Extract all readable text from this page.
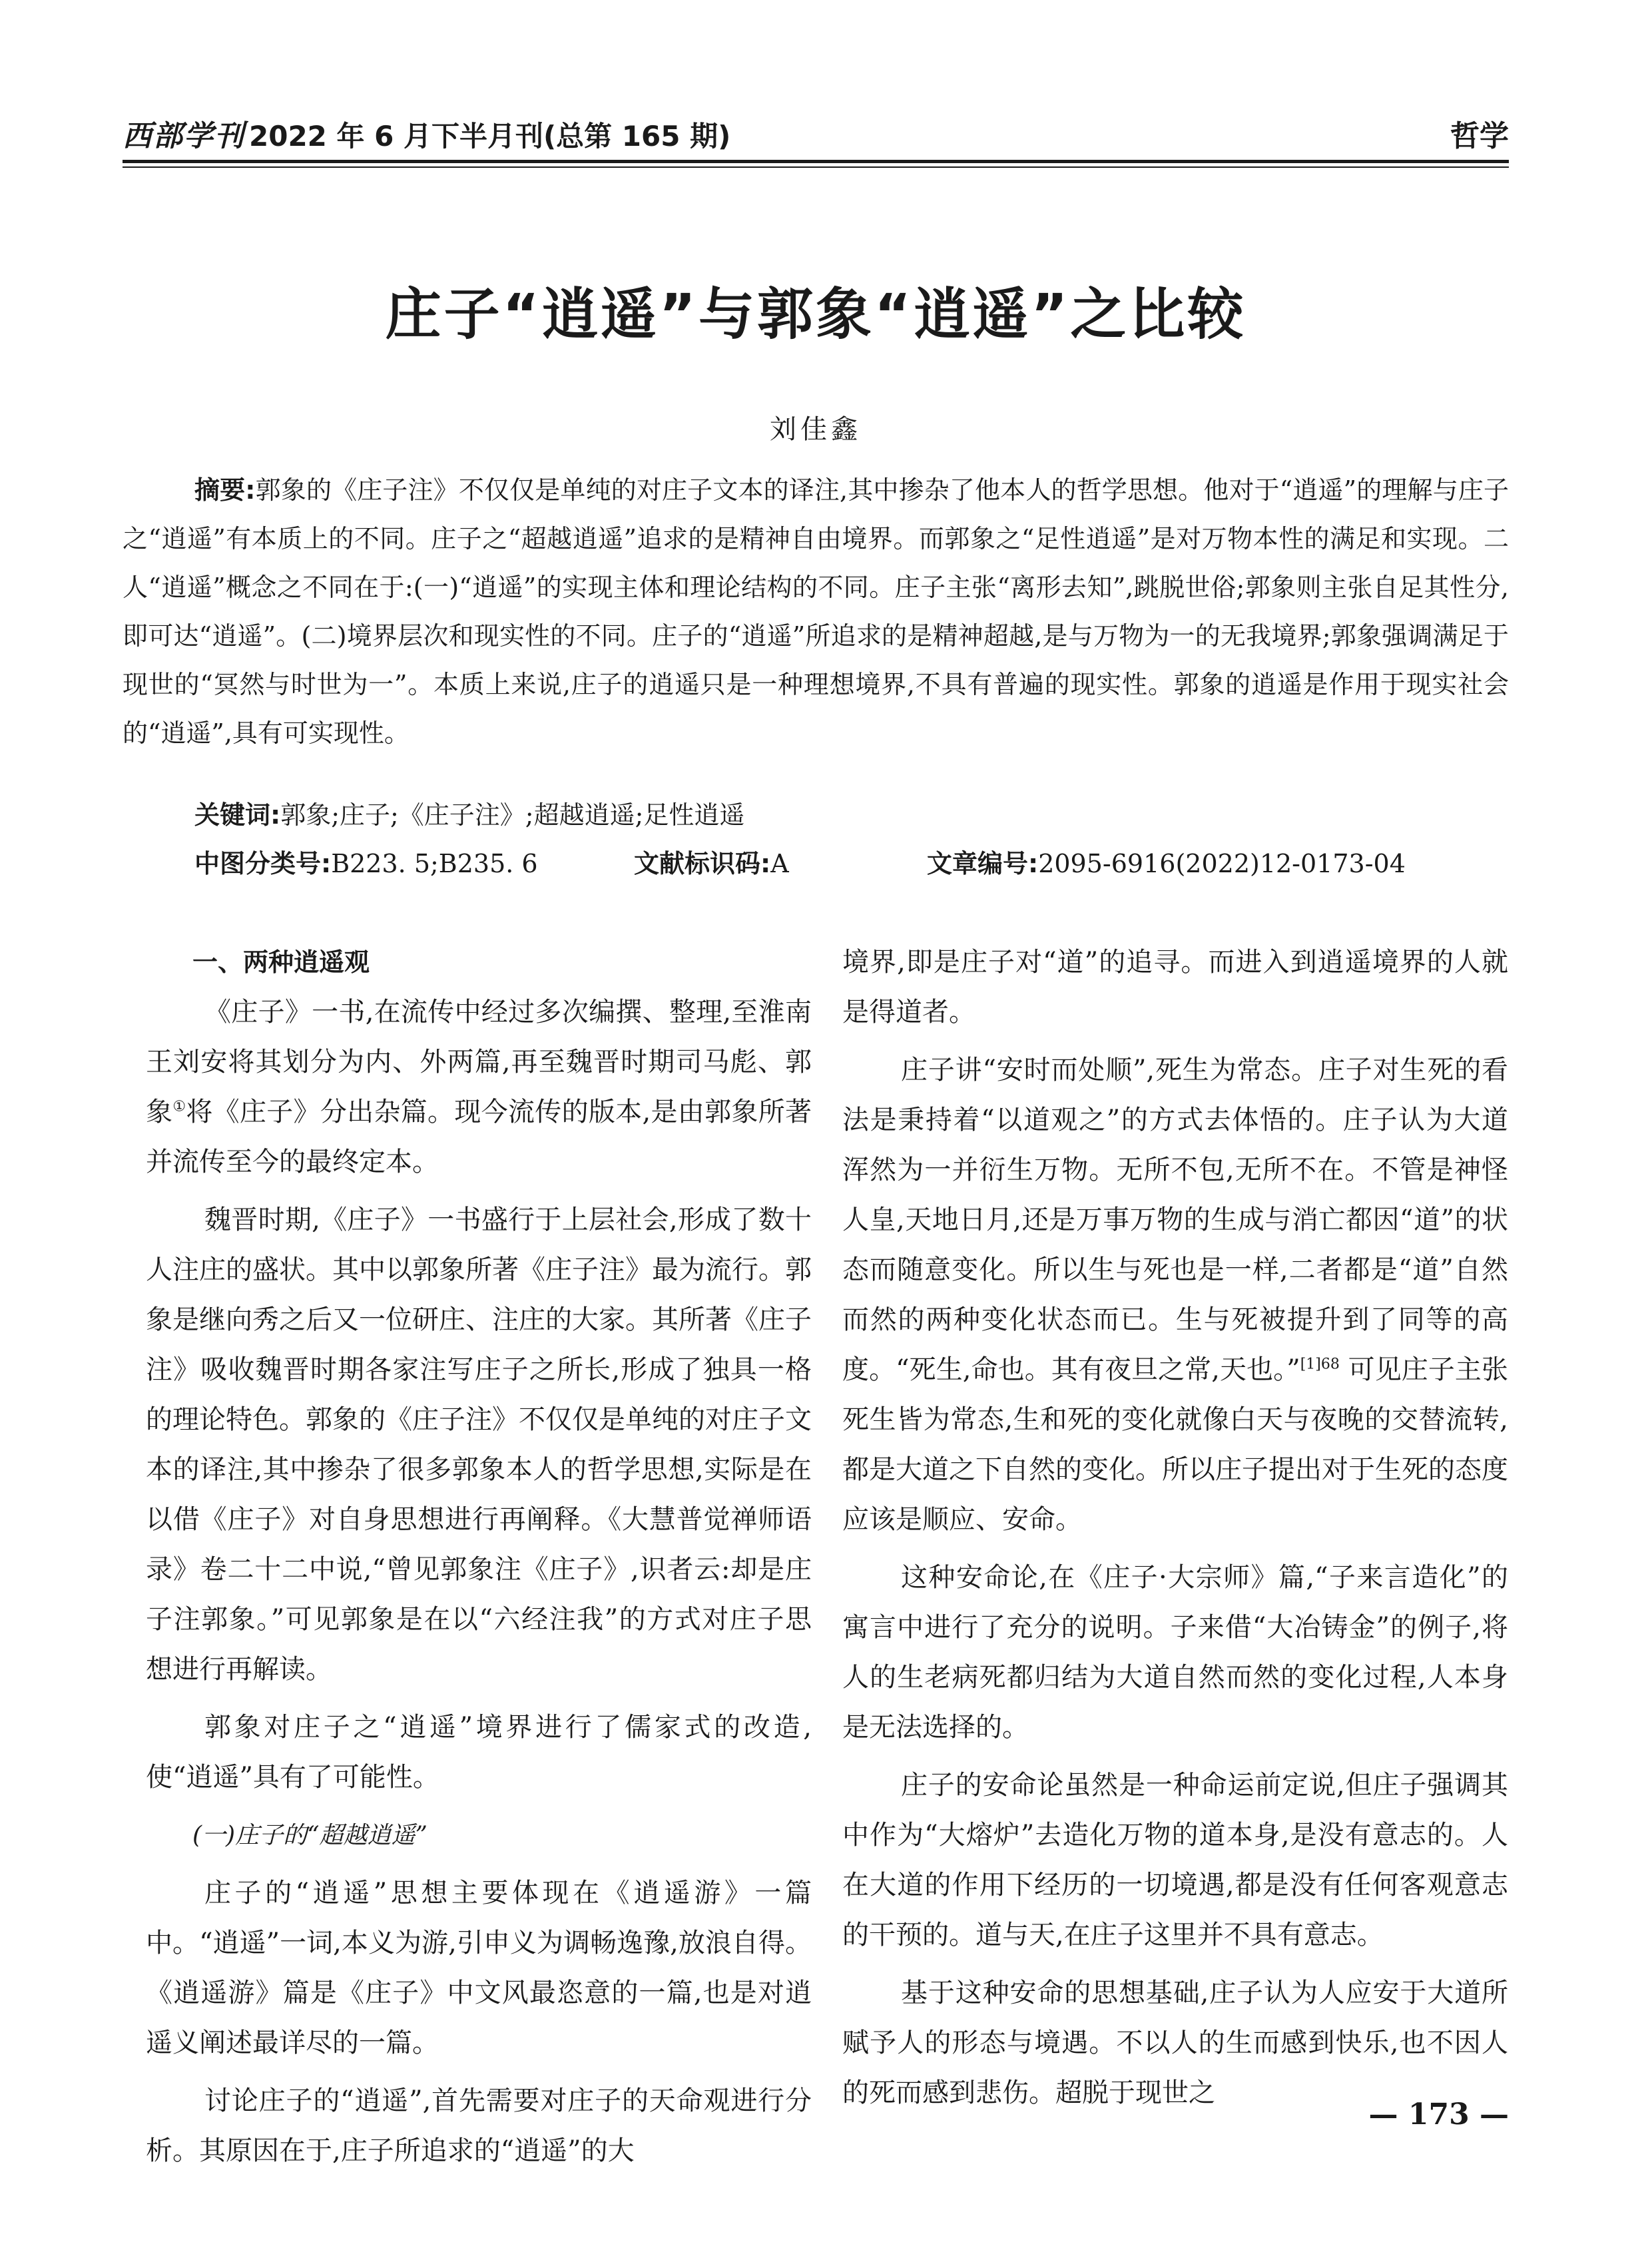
西部学刊 2022 年 6 月下半月刊(总第 165 期)	哲学
庄子“逍遥”与郭象“逍遥”之比较
刘佳鑫
摘要:郭象的《庄子注》不仅仅是单纯的对庄子文本的译注,其中掺杂了他本人的哲学思想。他对于“逍遥”的理解与庄子之“逍遥”有本质上的不同。庄子之“超越逍遥”追求的是精神自由境界。而郭象之“足性逍遥”是对万物本性的满足和实现。二人“逍遥”概念之不同在于:(一)“逍遥”的实现主体和理论结构的不同。庄子主张“离形去知”,跳脱世俗;郭象则主张自足其性分,即可达“逍遥”。(二)境界层次和现实性的不同。庄子的“逍遥”所追求的是精神超越,是与万物为一的无我境界;郭象强调满足于现世的“冥然与时世为一”。本质上来说,庄子的逍遥只是一种理想境界,不具有普遍的现实性。郭象的逍遥是作用于现实社会的“逍遥”,具有可实现性。
关键词:郭象;庄子;《庄子注》;超越逍遥;足性逍遥
中图分类号:B223. 5;B235. 6	文献标识码:A	文章编号:2095-6916(2022)12-0173-04
一、两种逍遥观

《庄子》一书,在流传中经过多次编撰、整理,至淮南王刘安将其划分为内、外两篇,再至魏晋时期司马彪、郭象①将《庄子》分出杂篇。现今流传的版本,是由郭象所著并流传至今的最终定本。

魏晋时期,《庄子》一书盛行于上层社会,形成了数十人注庄的盛状。其中以郭象所著《庄子注》最为流行。郭象是继向秀之后又一位研庄、注庄的大家。其所著《庄子注》吸收魏晋时期各家注写庄子之所长,形成了独具一格的理论特色。郭象的《庄子注》不仅仅是单纯的对庄子文本的译注,其中掺杂了很多郭象本人的哲学思想,实际是在以借《庄子》对自身思想进行再阐释。《大慧普觉禅师语录》卷二十二中说,“曾见郭象注《庄子》,识者云:却是庄子注郭象。”可见郭象是在以“六经注我”的方式对庄子思想进行再解读。

郭象对庄子之“逍遥”境界进行了儒家式的改造,使“逍遥”具有了可能性。

(一)庄子的“超越逍遥”

庄子的“逍遥”思想主要体现在《逍遥游》一篇中。“逍遥”一词,本义为游,引申义为调畅逸豫,放浪自得。《逍遥游》篇是《庄子》中文风最恣意的一篇,也是对逍遥义阐述最详尽的一篇。

讨论庄子的“逍遥”,首先需要对庄子的天命观进行分析。其原因在于,庄子所追求的“逍遥”的大

境界,即是庄子对“道”的追寻。而进入到逍遥境界的人就是得道者。

庄子讲“安时而处顺”,死生为常态。庄子对生死的看法是秉持着“以道观之”的方式去体悟的。庄子认为大道浑然为一并衍生万物。无所不包,无所不在。不管是神怪人皇,天地日月,还是万事万物的生成与消亡都因“道”的状态而随意变化。所以生与死也是一样,二者都是“道”自然而然的两种变化状态而已。生与死被提升到了同等的高度。“死生,命也。其有夜旦之常,天也。”$^{[1]68}$ 可见庄子主张死生皆为常态,生和死的变化就像白天与夜晚的交替流转,都是大道之下自然的变化。所以庄子提出对于生死的态度应该是顺应、安命。

这种安命论,在《庄子·大宗师》篇,“子来言造化”的寓言中进行了充分的说明。子来借“大冶铸金”的例子,将人的生老病死都归结为大道自然而然的变化过程,人本身是无法选择的。

庄子的安命论虽然是一种命运前定说,但庄子强调其中作为“大熔炉”去造化万物的道本身,是没有意志的。人在大道的作用下经历的一切境遇,都是没有任何客观意志的干预的。道与天,在庄子这里并不具有意志。

基于这种安命的思想基础,庄子认为人应安于大道所赋予人的形态与境遇。不以人的生而感到快乐,也不因人的死而感到悲伤。超脱于现世之

— 173 —
